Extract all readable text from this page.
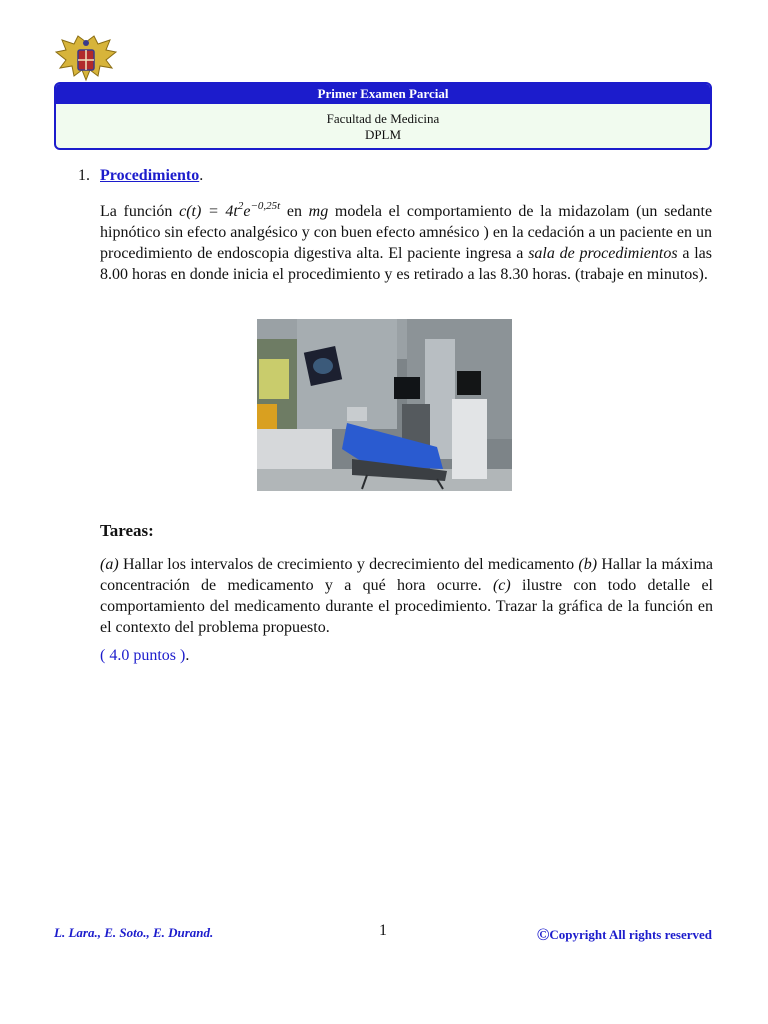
Primer Examen Parcial
Facultad de Medicina
DPLM
1. Procedimiento.
La función $c(t) = 4t^2e^{-0,25t}$ en mg modela el comportamiento de la midazolam (un sedante hipnótico sin efecto analgésico y con buen efecto amnésico ) en la cedación a un paciente en un procedimiento de endoscopia digestiva alta. El paciente ingresa a sala de procedimientos a las 8.00 horas en donde inicia el procedimiento y es retirado a las 8.30 horas. (trabaje en minutos).
Tareas:
(a) Hallar los intervalos de crecimiento y decrecimiento del medicamento (b) Hallar la máxima concentración de medicamento y a qué hora ocurre. (c) ilustre con todo detalle el comportamiento del medicamento durante el procedimiento. Trazar la gráfica de la función en el contexto del problema propuesto.
( 4.0 puntos ).
L. Lara., E. Soto., E. Durand.	1	©Copyright All rights reserved
